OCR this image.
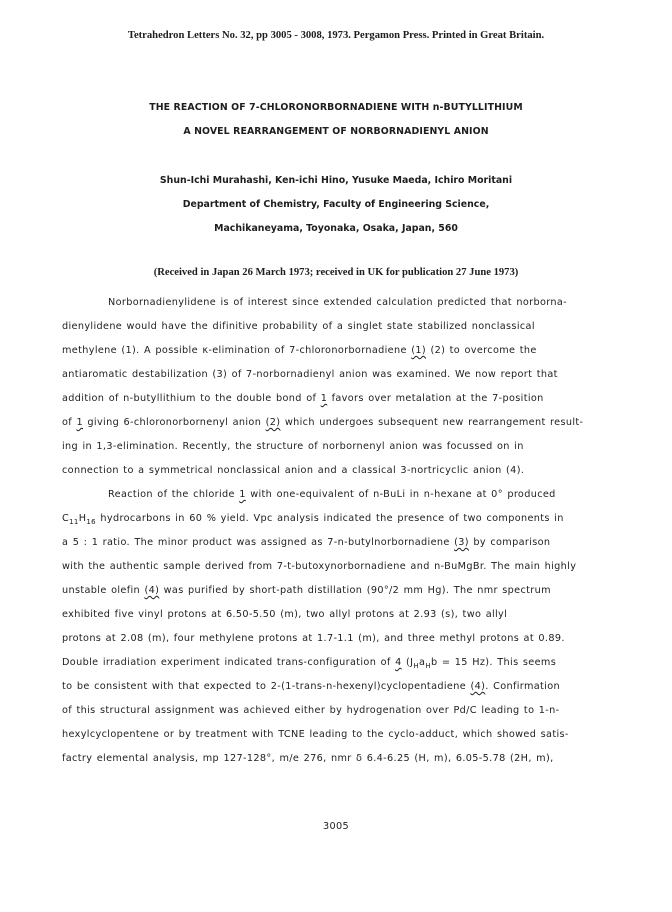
Tetrahedron Letters No. 32, pp 3005 - 3008, 1973. Pergamon Press. Printed in Great Britain.
THE REACTION OF 7-CHLORONORBORNADIENE WITH n-BUTYLLITHIUM
A NOVEL REARRANGEMENT OF NORBORNADIENYL ANION
Shun-Ichi Murahashi, Ken-ichi Hino, Yusuke Maeda, Ichiro Moritani
Department of Chemistry, Faculty of Engineering Science,
Machikaneyama, Toyonaka, Osaka, Japan, 560
(Received in Japan 26 March 1973; received in UK for publication 27 June 1973)
Norbornadienylidene is of interest since extended calculation predicted that norborna-
dienylidene would have the difinitive probability of a singlet state stabilized nonclassical
methylene (1). A possible κ-elimination of 7-chloronorbornadiene (1) (2) to overcome the
antiaromatic destabilization (3) of 7-norbornadienyl anion was examined. We now report that
addition of n-butyllithium to the double bond of 1 favors over metalation at the 7-position
of 1 giving 6-chloronorbornenyl anion (2) which undergoes subsequent new rearrangement result-
ing in 1,3-elimination. Recently, the structure of norbornenyl anion was focussed on in
connection to a symmetrical nonclassical anion and a classical 3-nortricyclic anion (4).
Reaction of the chloride 1 with one-equivalent of n-BuLi in n-hexane at 0° produced
$C_{11}H_{16}$ hydrocarbons in 60 % yield. Vpc analysis indicated the presence of two components in
a 5 : 1 ratio. The minor product was assigned as 7-n-butylnorbornadiene (3) by comparison
with the authentic sample derived from 7-t-butoxynorbornadiene and n-BuMgBr. The main highly
unstable olefin (4) was purified by short-path distillation (90°/2 mm Hg). The nmr spectrum
exhibited five vinyl protons at 6.50-5.50 (m), two allyl protons at 2.93 (s), two allyl
protons at 2.08 (m), four methylene protons at 1.7-1.1 (m), and three methyl protons at 0.89.
Double irradiation experiment indicated trans-configuration of 4 ($J_Ha_Hb = 15$ Hz). This seems
to be consistent with that expected to 2-(1-trans-n-hexenyl)cyclopentadiene (4). Confirmation
of this structural assignment was achieved either by hydrogenation over Pd/C leading to 1-n-
hexylcyclopentene or by treatment with TCNE leading to the cyclo-adduct, which showed satis-
factry elemental analysis, mp 127-128°, m/e 276, nmr δ 6.4-6.25 (H, m), 6.05-5.78 (2H, m),
3005
